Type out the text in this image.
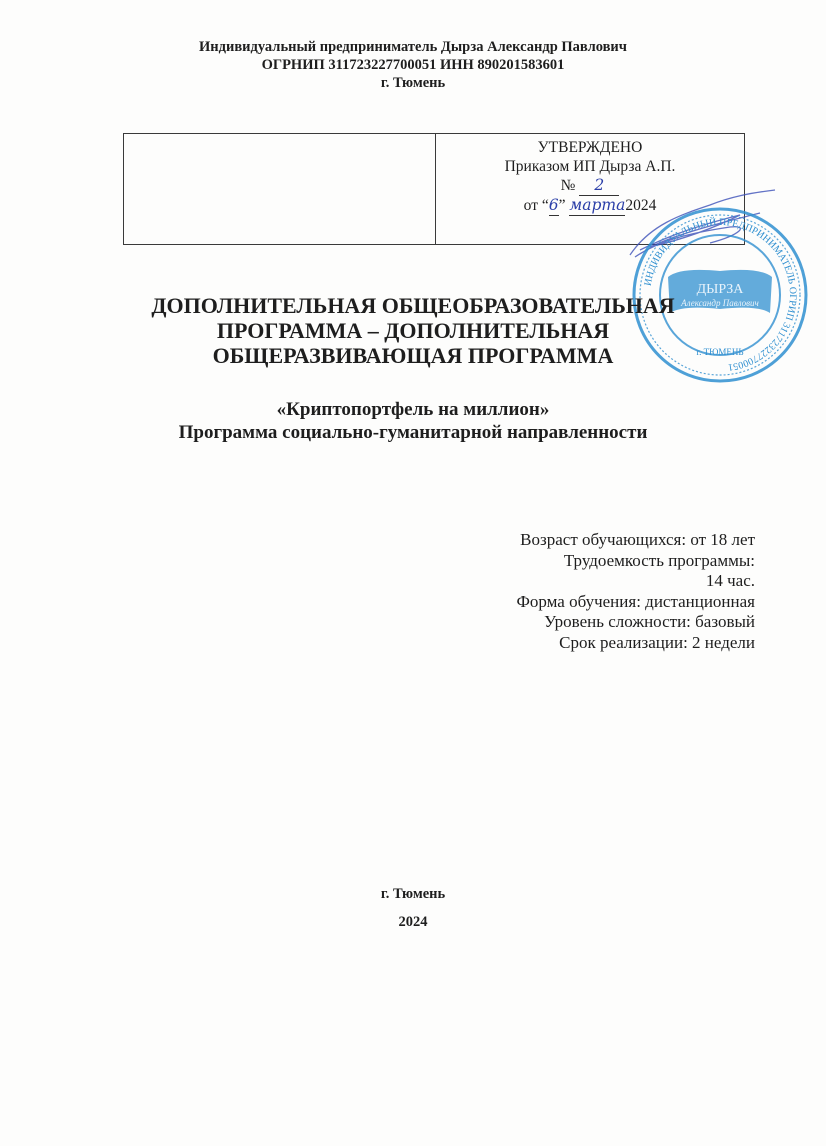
Индивидуальный предприниматель Дырза Александр Павлович
ОГРНИП 311723227700051 ИНН 890201583601
г. Тюмень
УТВЕРЖДЕНО
Приказом ИП Дырза А.П.
№ 2
от “6” марта2024
ИНДИВИДУАЛЬНЫЙ ПРЕДПРИНИМАТЕЛЬ ОГРИП 311723227700051
ДЫРЗА
Александр Павлович
г. ТЮМЕНЬ
ДОПОЛНИТЕЛЬНАЯ ОБЩЕОБРАЗОВАТЕЛЬНАЯ
ПРОГРАММА – ДОПОЛНИТЕЛЬНАЯ
ОБЩЕРАЗВИВАЮЩАЯ ПРОГРАММА
«Криптопортфель на миллион»
Программа социально-гуманитарной направленности
Возраст обучающихся: от 18 лет
Трудоемкость программы:
14 час.
Форма обучения: дистанционная
Уровень сложности: базовый
Срок реализации: 2 недели
г. Тюмень
2024
